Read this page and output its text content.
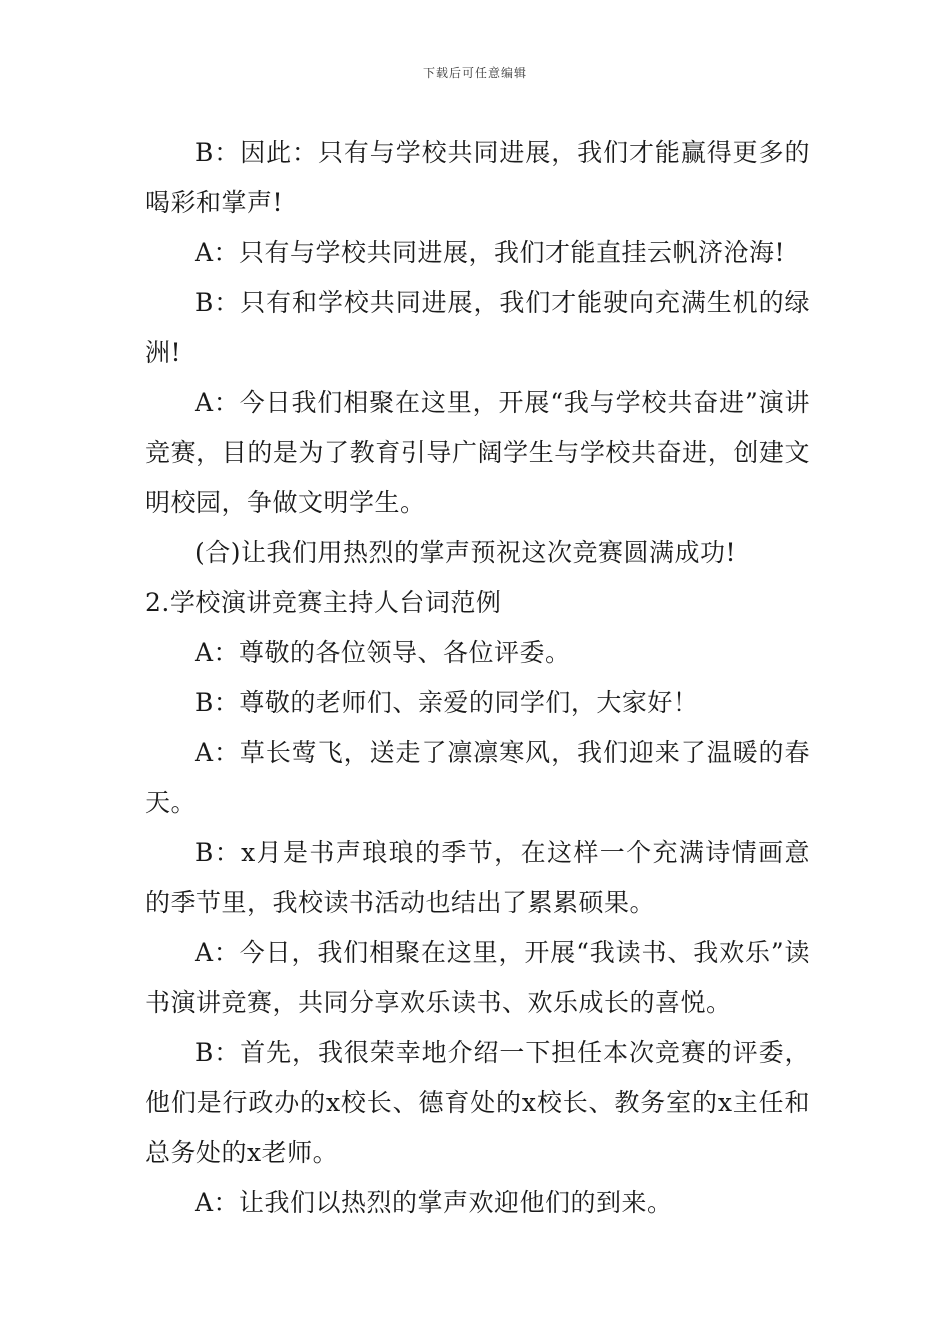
下载后可任意编辑

B：因此：只有与学校共同进展，我们才能赢得更多的喝彩和掌声!

A：只有与学校共同进展，我们才能直挂云帆济沧海!

B：只有和学校共同进展，我们才能驶向充满生机的绿洲!

A：今日我们相聚在这里，开展“我与学校共奋进”演讲竞赛，目的是为了教育引导广阔学生与学校共奋进，创建文明校园，争做文明学生。

(合)让我们用热烈的掌声预祝这次竞赛圆满成功!

2.学校演讲竞赛主持人台词范例

A：尊敬的各位领导、各位评委。

B：尊敬的老师们、亲爱的同学们，大家好！

A：草长莺飞，送走了凛凛寒风，我们迎来了温暖的春天。

B：x月是书声琅琅的季节，在这样一个充满诗情画意的季节里，我校读书活动也结出了累累硕果。

A：今日，我们相聚在这里，开展“我读书、我欢乐”读书演讲竞赛，共同分享欢乐读书、欢乐成长的喜悦。

B：首先，我很荣幸地介绍一下担任本次竞赛的评委，他们是行政办的x校长、德育处的x校长、教务室的x主任和总务处的x老师。

A：让我们以热烈的掌声欢迎他们的到来。
